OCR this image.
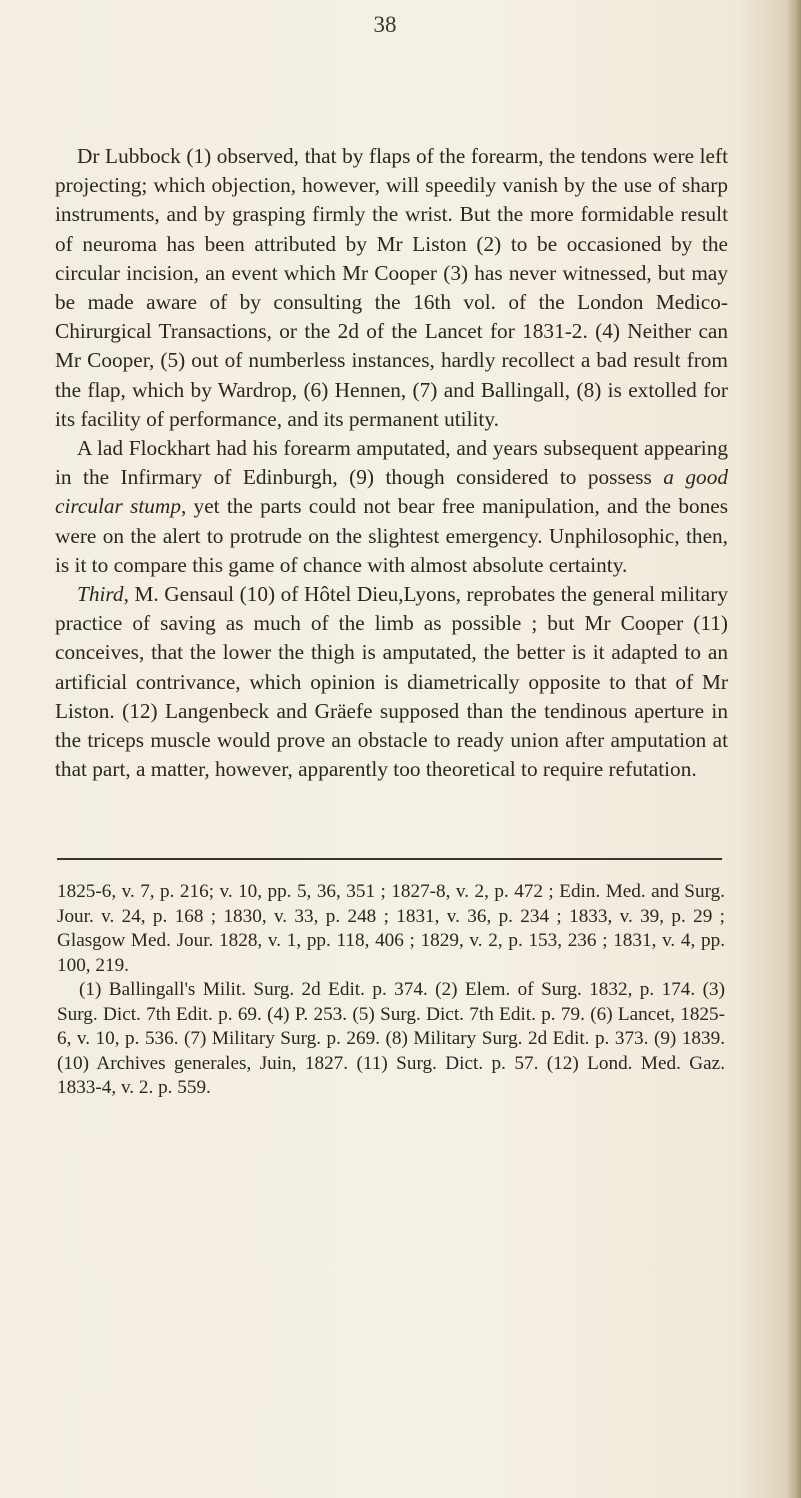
38

Dr Lubbock (1) observed, that by flaps of the forearm, the tendons were left projecting; which objection, however, will speedily vanish by the use of sharp instruments, and by grasping firmly the wrist. But the more formidable result of neuroma has been attributed by Mr Liston (2) to be occasioned by the circular incision, an event which Mr Cooper (3) has never witnessed, but may be made aware of by consulting the 16th vol. of the London Medico-Chirurgical Transactions, or the 2d of the Lancet for 1831-2. (4) Neither can Mr Cooper, (5) out of numberless instances, hardly recollect a bad result from the flap, which by Wardrop, (6) Hennen, (7) and Ballingall, (8) is extolled for its facility of performance, and its permanent utility.

A lad Flockhart had his forearm amputated, and years subsequent appearing in the Infirmary of Edinburgh, (9) though considered to possess a good circular stump, yet the parts could not bear free manipulation, and the bones were on the alert to protrude on the slightest emergency. Unphilosophic, then, is it to compare this game of chance with almost absolute certainty.

Third, M. Gensaul (10) of Hôtel Dieu,Lyons, reprobates the general military practice of saving as much of the limb as possible ; but Mr Cooper (11) conceives, that the lower the thigh is amputated, the better is it adapted to an artificial contrivance, which opinion is diametrically opposite to that of Mr Liston. (12) Langenbeck and Gräefe supposed than the tendinous aperture in the triceps muscle would prove an obstacle to ready union after amputation at that part, a matter, however, apparently too theoretical to require refutation.

1825-6, v. 7, p. 216; v. 10, pp. 5, 36, 351 ; 1827-8, v. 2, p. 472 ; Edin. Med. and Surg. Jour. v. 24, p. 168 ; 1830, v. 33, p. 248 ; 1831, v. 36, p. 234 ; 1833, v. 39, p. 29 ; Glasgow Med. Jour. 1828, v. 1, pp. 118, 406 ; 1829, v. 2, p. 153, 236 ; 1831, v. 4, pp. 100, 219.

(1) Ballingall's Milit. Surg. 2d Edit. p. 374. (2) Elem. of Surg. 1832, p. 174. (3) Surg. Dict. 7th Edit. p. 69. (4) P. 253. (5) Surg. Dict. 7th Edit. p. 79. (6) Lancet, 1825-6, v. 10, p. 536. (7) Military Surg. p. 269. (8) Military Surg. 2d Edit. p. 373. (9) 1839. (10) Archives generales, Juin, 1827. (11) Surg. Dict. p. 57. (12) Lond. Med. Gaz. 1833-4, v. 2. p. 559.
